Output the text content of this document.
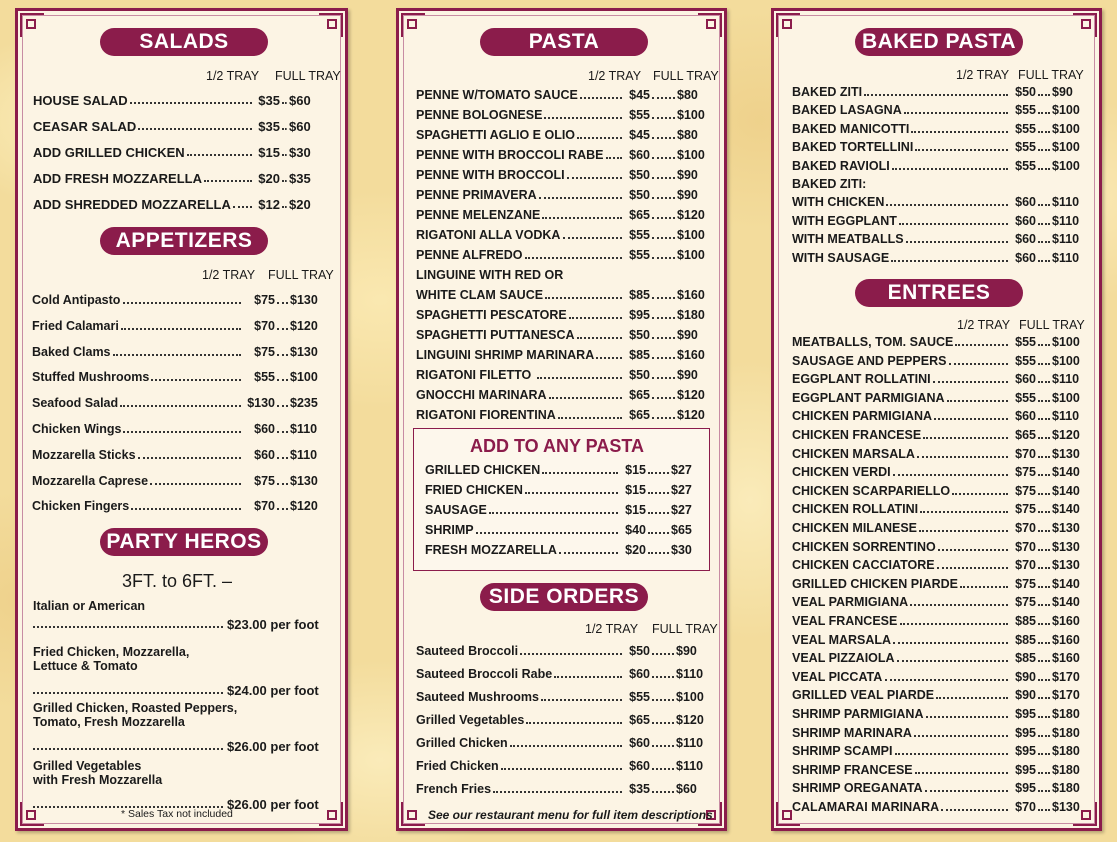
SALADS
1/2 TRAY FULL TRAY
HOUSE SALAD	$35 $60
CEASAR SALAD	$35 $60
ADD GRILLED CHICKEN	$15 $30
ADD FRESH MOZZARELLA	$20 $35
ADD SHREDDED MOZZARELLA	$12 $20
APPETIZERS
1/2 TRAY FULL TRAY
Cold Antipasto	$75 $130
Fried Calamari	$70 $120
Baked Clams	$75 $130
Stuffed Mushrooms	$55 $100
Seafood Salad	$130 $235
Chicken Wings	$60 $110
Mozzarella Sticks	$60 $110
Mozzarella Caprese	$75 $130
Chicken Fingers	$70 $120
PARTY HEROS
3FT. to 6FT. –
Italian or American
$23.00 per foot
Fried Chicken, Mozzarella,
Lettuce & Tomato
$24.00 per foot
Grilled Chicken, Roasted Peppers,
Tomato, Fresh Mozzarella
$26.00 per foot
Grilled Vegetables
with Fresh Mozzarella
$26.00 per foot
* Sales Tax not included
PASTA
1/2 TRAY FULL TRAY
PENNE W/TOMATO SAUCE	$45 $80
PENNE BOLOGNESE	$55 $100
SPAGHETTI AGLIO E OLIO	$45 $80
PENNE WITH BROCCOLI RABE	$60 $100
PENNE WITH BROCCOLI	$50 $90
PENNE PRIMAVERA	$50 $90
PENNE MELENZANE	$65 $120
RIGATONI ALLA VODKA	$55 $100
PENNE ALFREDO	$55 $100
LINGUINE WITH RED OR
WHITE CLAM SAUCE	$85 $160
SPAGHETTI PESCATORE	$95 $180
SPAGHETTI PUTTANESCA	$50 $90
LINGUINI SHRIMP MARINARA	$85 $160
RIGATONI FILETTO	$50 $90
GNOCCHI MARINARA	$65 $120
RIGATONI FIORENTINA	$65 $120
ADD TO ANY PASTA
GRILLED CHICKEN	$15 $27
FRIED CHICKEN	$15 $27
SAUSAGE	$15 $27
SHRIMP	$40 $65
FRESH MOZZARELLA	$20 $30
SIDE ORDERS
1/2 TRAY FULL TRAY
Sauteed Broccoli	$50 $90
Sauteed Broccoli Rabe	$60 $110
Sauteed Mushrooms	$55 $100
Grilled Vegetables	$65 $120
Grilled Chicken	$60 $110
Fried Chicken	$60 $110
French Fries	$35 $60
See our restaurant menu for full item descriptions
BAKED PASTA
1/2 TRAY FULL TRAY
BAKED ZITI	$50 $90
BAKED LASAGNA	$55 $100
BAKED MANICOTTI	$55 $100
BAKED TORTELLINI	$55 $100
BAKED RAVIOLI	$55 $100
BAKED ZITI:
WITH CHICKEN	$60 $110
WITH EGGPLANT	$60 $110
WITH MEATBALLS	$60 $110
WITH SAUSAGE	$60 $110
ENTREES
1/2 TRAY FULL TRAY
MEATBALLS, TOM. SAUCE	$55 $100
SAUSAGE AND PEPPERS	$55 $100
EGGPLANT ROLLATINI	$60 $110
EGGPLANT PARMIGIANA	$55 $100
CHICKEN PARMIGIANA	$60 $110
CHICKEN FRANCESE	$65 $120
CHICKEN MARSALA	$70 $130
CHICKEN VERDI	$75 $140
CHICKEN SCARPARIELLO	$75 $140
CHICKEN ROLLATINI	$75 $140
CHICKEN MILANESE	$70 $130
CHICKEN SORRENTINO	$70 $130
CHICKEN CACCIATORE	$70 $130
GRILLED CHICKEN PIARDE	$75 $140
VEAL PARMIGIANA	$75 $140
VEAL FRANCESE	$85 $160
VEAL MARSALA	$85 $160
VEAL PIZZAIOLA	$85 $160
VEAL PICCATA	$90 $170
GRILLED VEAL PIARDE	$90 $170
SHRIMP PARMIGIANA	$95 $180
SHRIMP MARINARA	$95 $180
SHRIMP SCAMPI	$95 $180
SHRIMP FRANCESE	$95 $180
SHRIMP OREGANATA	$95 $180
CALAMARAI MARINARA	$70 $130
